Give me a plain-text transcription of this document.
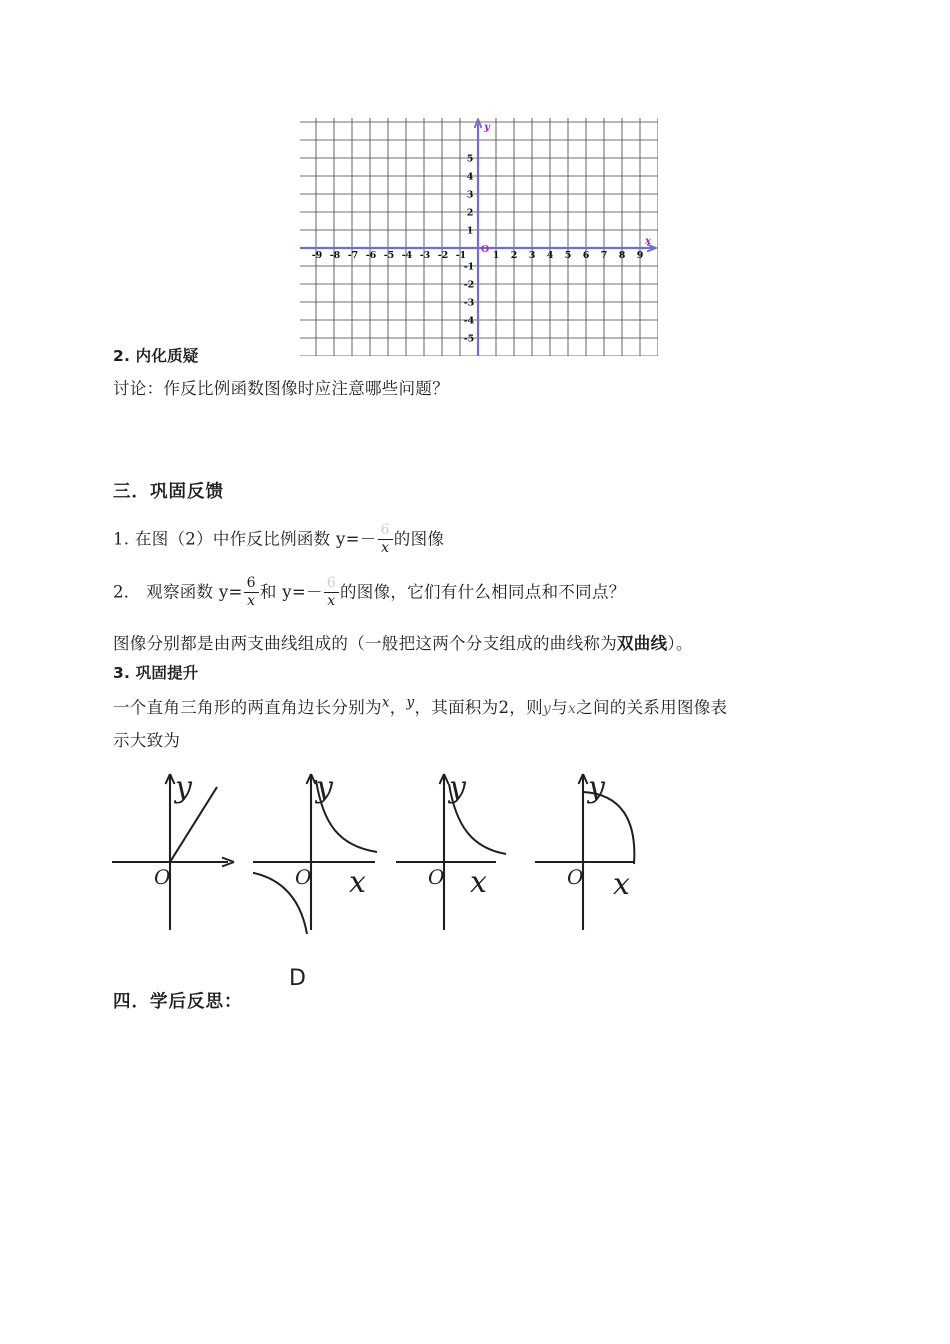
-9 -8 -7 -6 -5 -4 -3 -2 -1	1 2 3 4 5 6 7 8 9
1
2
3
4
5
-1
-2
-3
-4
-5
O
x
y
2. 内化质疑
讨论：作反比例函数图像时应注意哪些问题？
三．巩固反馈
1. 在图（2）中作反比例函数 $y=- \frac{6}{x}$ 的图像
2． 观察函数 $y= \frac{6}{x}$ 和 $y=- \frac{6}{x}$ 的图像，它们有什么相同点和不同点？
图像分别都是由两支曲线组成的（一般把这两个分支组成的曲线称为双曲线）。
3. 巩固提升
一个直角三角形的两直角边长分别为$^x$，$^y$，其面积为2，则y与x之间的关系用图像表
示大致为
y
O
y
O x
y
O x
y
O x
D
四．学后反思：
